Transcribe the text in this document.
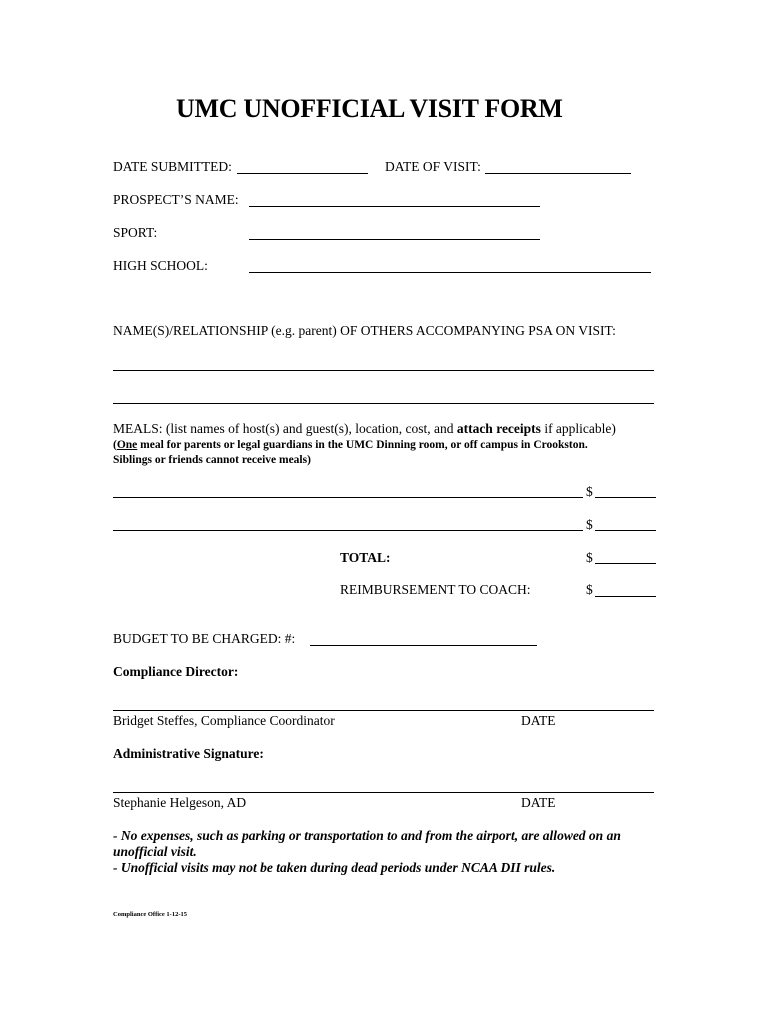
UMC UNOFFICIAL VISIT FORM
DATE SUBMITTED:	DATE OF VISIT:
PROSPECT’S NAME:
SPORT:
HIGH SCHOOL:
NAME(S)/RELATIONSHIP (e.g. parent) OF OTHERS ACCOMPANYING PSA ON VISIT:
MEALS: (list names of host(s) and guest(s), location, cost, and attach receipts if applicable)
(One meal for parents or legal guardians in the UMC Dinning room, or off campus in Crookston.
Siblings or friends cannot receive meals)
$
$
TOTAL:	$
REIMBURSEMENT TO COACH:	$
BUDGET TO BE CHARGED: #:
Compliance Director:
Bridget Steffes, Compliance Coordinator	DATE
Administrative Signature:
Stephanie Helgeson, AD	DATE
- No expenses, such as parking or transportation to and from the airport, are allowed on an
unofficial visit.
- Unofficial visits may not be taken during dead periods under NCAA DII rules.
Compliance Office 1-12-15
